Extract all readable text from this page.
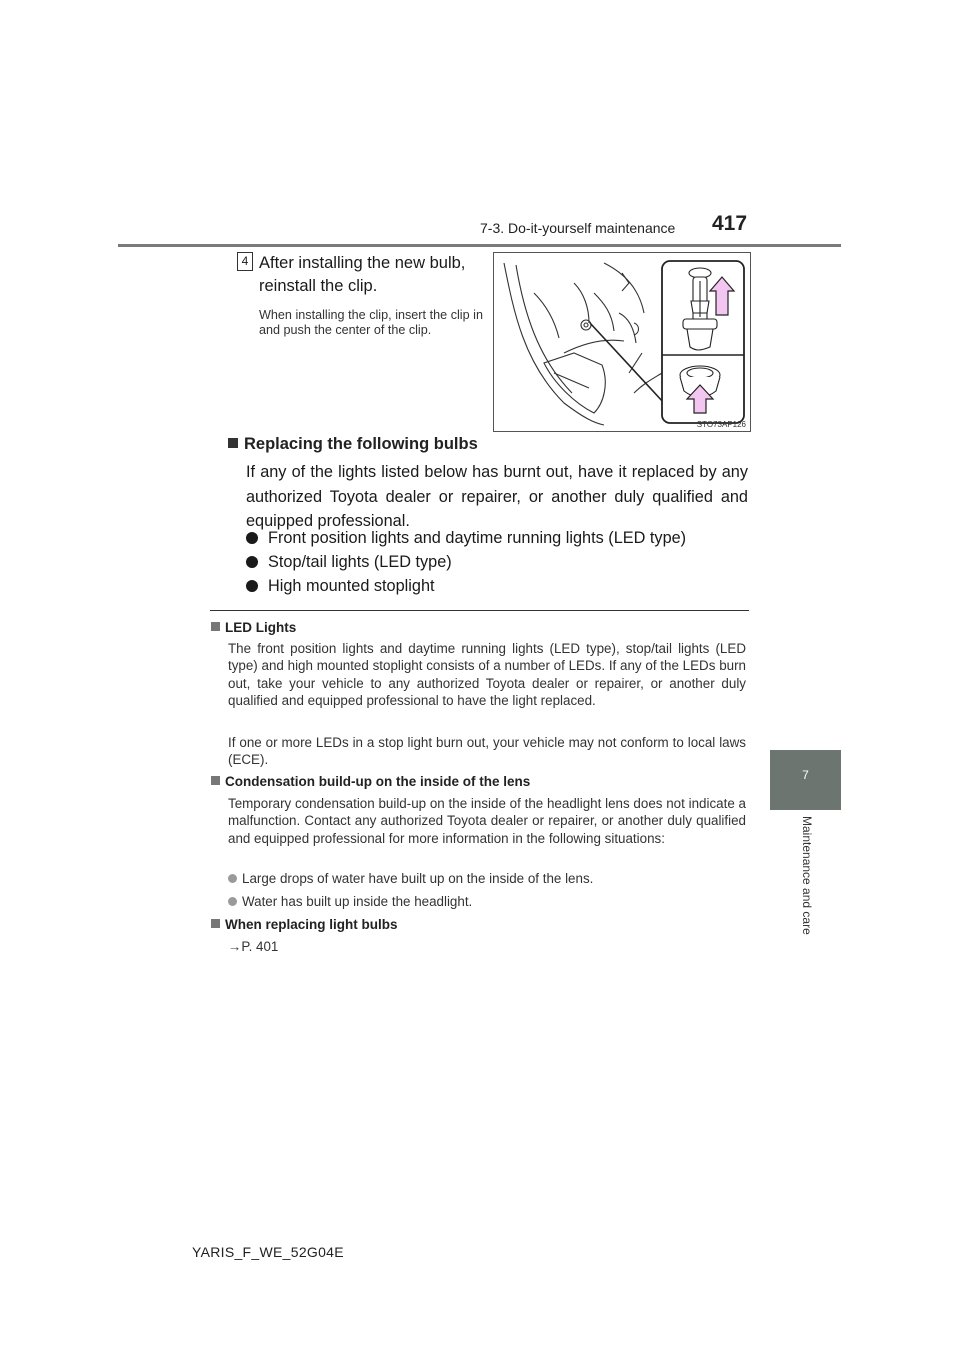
7-3. Do-it-yourself maintenance 417
7
Maintenance and care
4 After installing the new bulb, reinstall the clip.
When installing the clip, insert the clip in and push the center of the clip.
STO73AP126
Replacing the following bulbs
If any of the lights listed below has burnt out, have it replaced by any authorized Toyota dealer or repairer, or another duly qualified and equipped professional.
Front position lights and daytime running lights (LED type)
Stop/tail lights (LED type)
High mounted stoplight
LED Lights
The front position lights and daytime running lights (LED type), stop/tail lights (LED type) and high mounted stoplight consists of a number of LEDs. If any of the LEDs burn out, take your vehicle to any authorized Toyota dealer or repairer, or another duly qualified and equipped professional to have the light replaced.
If one or more LEDs in a stop light burn out, your vehicle may not conform to local laws (ECE).
Condensation build-up on the inside of the lens
Temporary condensation build-up on the inside of the headlight lens does not indicate a malfunction. Contact any authorized Toyota dealer or repairer, or another duly qualified and equipped professional for more information in the following situations:
Large drops of water have built up on the inside of the lens.
Water has built up inside the headlight.
When replacing light bulbs
→P. 401
YARIS_F_WE_52G04E
